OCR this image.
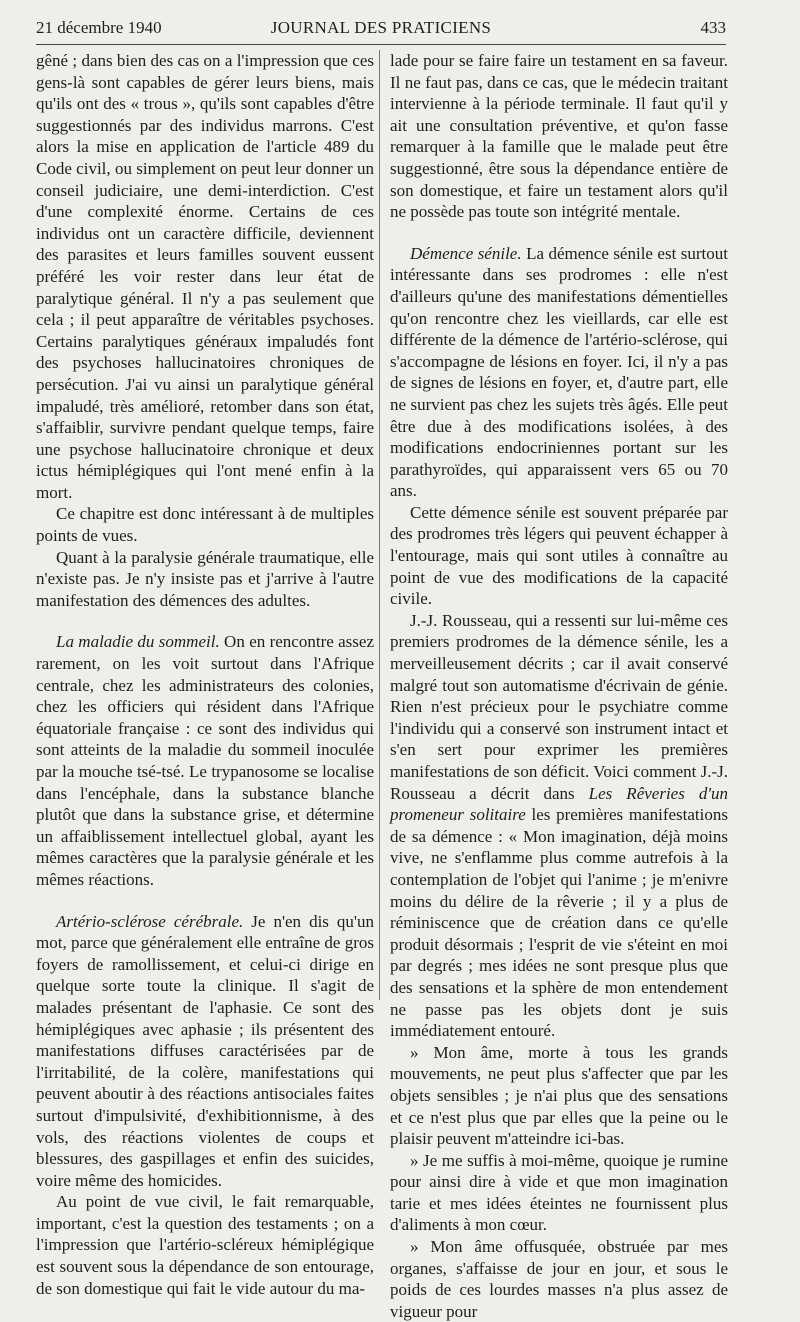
21 décembre 1940	JOURNAL DES PRATICIENS	433

gêné ; dans bien des cas on a l'impression que ces gens-là sont capables de gérer leurs biens, mais qu'ils ont des « trous », qu'ils sont capables d'être suggestionnés par des individus marrons. C'est alors la mise en application de l'article 489 du Code civil, ou simplement on peut leur donner un conseil judiciaire, une demi-interdiction. C'est d'une complexité énorme. Certains de ces individus ont un caractère difficile, deviennent des parasites et leurs familles souvent eussent préféré les voir rester dans leur état de paralytique général. Il n'y a pas seulement que cela ; il peut apparaître de véritables psychoses. Certains paralytiques généraux impaludés font des psychoses hallucinatoires chroniques de persécution. J'ai vu ainsi un paralytique général impaludé, très amélioré, retomber dans son état, s'affaiblir, survivre pendant quelque temps, faire une psychose hallucinatoire chronique et deux ictus hémiplégiques qui l'ont mené enfin à la mort.

Ce chapitre est donc intéressant à de multiples points de vues.

Quant à la paralysie générale traumatique, elle n'existe pas. Je n'y insiste pas et j'arrive à l'autre manifestation des démences des adultes.

La maladie du sommeil. On en rencontre assez rarement, on les voit surtout dans l'Afrique centrale, chez les administrateurs des colonies, chez les officiers qui résident dans l'Afrique équatoriale française : ce sont des individus qui sont atteints de la maladie du sommeil inoculée par la mouche tsé-tsé. Le trypanosome se localise dans l'encéphale, dans la substance blanche plutôt que dans la substance grise, et détermine un affaiblissement intellectuel global, ayant les mêmes caractères que la paralysie générale et les mêmes réactions.

Artério-sclérose cérébrale. Je n'en dis qu'un mot, parce que généralement elle entraîne de gros foyers de ramollissement, et celui-ci dirige en quelque sorte toute la clinique. Il s'agit de malades présentant de l'aphasie. Ce sont des hémiplégiques avec aphasie ; ils présentent des manifestations diffuses caractérisées par de l'irritabilité, de la colère, manifestations qui peuvent aboutir à des réactions antisociales faites surtout d'impulsivité, d'exhibitionnisme, à des vols, des réactions violentes de coups et blessures, des gaspillages et enfin des suicides, voire même des homicides.

Au point de vue civil, le fait remarquable, important, c'est la question des testaments ; on a l'impression que l'artério-scléreux hémiplégique est souvent sous la dépendance de son entourage, de son domestique qui fait le vide autour du ma-

lade pour se faire faire un testament en sa faveur. Il ne faut pas, dans ce cas, que le médecin traitant intervienne à la période terminale. Il faut qu'il y ait une consultation préventive, et qu'on fasse remarquer à la famille que le malade peut être suggestionné, être sous la dépendance entière de son domestique, et faire un testament alors qu'il ne possède pas toute son intégrité mentale.

Démence sénile. La démence sénile est surtout intéressante dans ses prodromes : elle n'est d'ailleurs qu'une des manifestations démentielles qu'on rencontre chez les vieillards, car elle est différente de la démence de l'artério-sclérose, qui s'accompagne de lésions en foyer. Ici, il n'y a pas de signes de lésions en foyer, et, d'autre part, elle ne survient pas chez les sujets très âgés. Elle peut être due à des modifications isolées, à des modifications endocriniennes portant sur les parathyroïdes, qui apparaissent vers 65 ou 70 ans.

Cette démence sénile est souvent préparée par des prodromes très légers qui peuvent échapper à l'entourage, mais qui sont utiles à connaître au point de vue des modifications de la capacité civile.

J.-J. Rousseau, qui a ressenti sur lui-même ces premiers prodromes de la démence sénile, les a merveilleusement décrits ; car il avait conservé malgré tout son automatisme d'écrivain de génie. Rien n'est précieux pour le psychiatre comme l'individu qui a conservé son instrument intact et s'en sert pour exprimer les premières manifestations de son déficit. Voici comment J.-J. Rousseau a décrit dans Les Rêveries d'un promeneur solitaire les premières manifestations de sa démence : « Mon imagination, déjà moins vive, ne s'enflamme plus comme autrefois à la contemplation de l'objet qui l'anime ; je m'enivre moins du délire de la rêverie ; il y a plus de réminiscence que de création dans ce qu'elle produit désormais ; l'esprit de vie s'éteint en moi par degrés ; mes idées ne sont presque plus que des sensations et la sphère de mon entendement ne passe pas les objets dont je suis immédiatement entouré.

» Mon âme, morte à tous les grands mouvements, ne peut plus s'affecter que par les objets sensibles ; je n'ai plus que des sensations et ce n'est plus que par elles que la peine ou le plaisir peuvent m'atteindre ici-bas.

» Je me suffis à moi-même, quoique je rumine pour ainsi dire à vide et que mon imagination tarie et mes idées éteintes ne fournissent plus d'aliments à mon cœur.

» Mon âme offusquée, obstruée par mes organes, s'affaisse de jour en jour, et sous le poids de ces lourdes masses n'a plus assez de vigueur pour
